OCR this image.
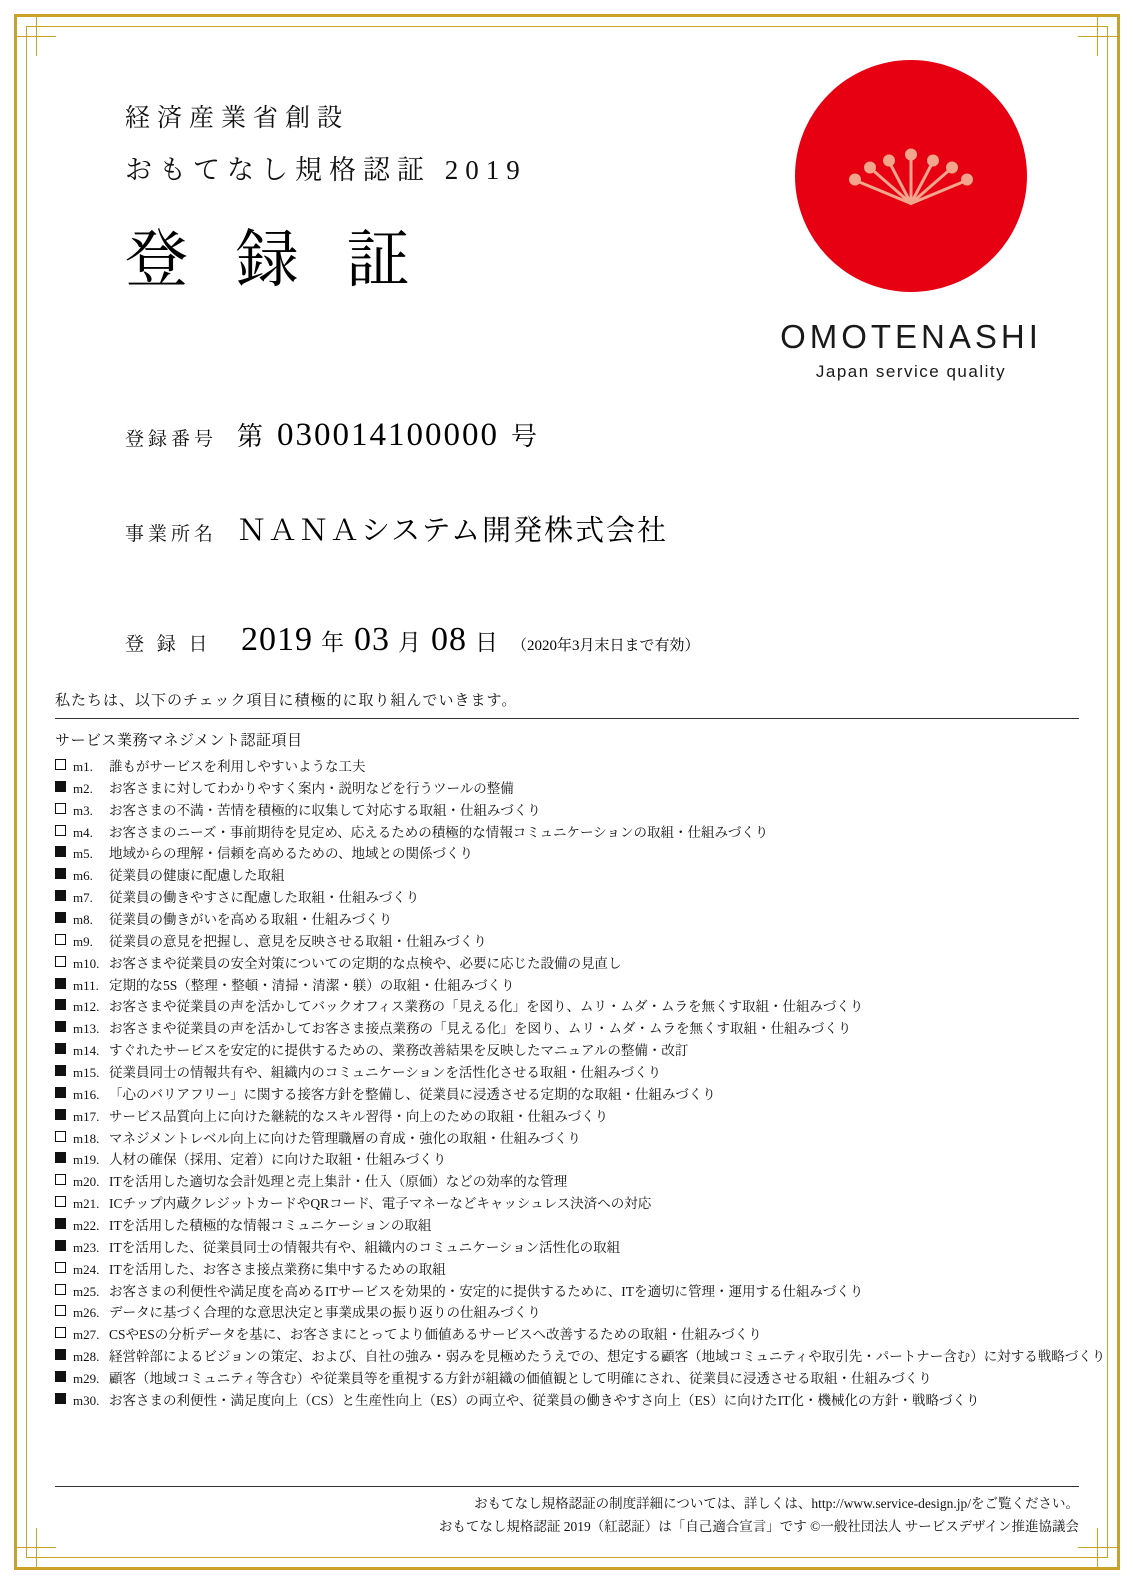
経済産業省創設
おもてなし規格認証 2019
登 録 証
OMOTENASHI
Japan service quality
登録番号 第 030014100000 号
事業所名 ＮＡＮＡシステム開発株式会社
登 録 日 2019 年 03 月 08 日 （2020年3月末日まで有効）
私たちは、以下のチェック項目に積極的に取り組んでいきます。
サービス業務マネジメント認証項目
m1.	誰もがサービスを利用しやすいような工夫
m2.	お客さまに対してわかりやすく案内・説明などを行うツールの整備
m3.	お客さまの不満・苦情を積極的に収集して対応する取組・仕組みづくり
m4.	お客さまのニーズ・事前期待を見定め、応えるための積極的な情報コミュニケーションの取組・仕組みづくり
m5.	地域からの理解・信頼を高めるための、地域との関係づくり
m6.	従業員の健康に配慮した取組
m7.	従業員の働きやすさに配慮した取組・仕組みづくり
m8.	従業員の働きがいを高める取組・仕組みづくり
m9.	従業員の意見を把握し、意見を反映させる取組・仕組みづくり
m10. お客さまや従業員の安全対策についての定期的な点検や、必要に応じた設備の見直し
m11. 定期的な5S（整理・整頓・清掃・清潔・躾）の取組・仕組みづくり
m12. お客さまや従業員の声を活かしてバックオフィス業務の「見える化」を図り、ムリ・ムダ・ムラを無くす取組・仕組みづくり
m13. お客さまや従業員の声を活かしてお客さま接点業務の「見える化」を図り、ムリ・ムダ・ムラを無くす取組・仕組みづくり
m14. すぐれたサービスを安定的に提供するための、業務改善結果を反映したマニュアルの整備・改訂
m15. 従業員同士の情報共有や、組織内のコミュニケーションを活性化させる取組・仕組みづくり
m16. 「心のバリアフリー」に関する接客方針を整備し、従業員に浸透させる定期的な取組・仕組みづくり
m17. サービス品質向上に向けた継続的なスキル習得・向上のための取組・仕組みづくり
m18. マネジメントレベル向上に向けた管理職層の育成・強化の取組・仕組みづくり
m19. 人材の確保（採用、定着）に向けた取組・仕組みづくり
m20. ITを活用した適切な会計処理と売上集計・仕入（原価）などの効率的な管理
m21. ICチップ内蔵クレジットカードやQRコード、電子マネーなどキャッシュレス決済への対応
m22. ITを活用した積極的な情報コミュニケーションの取組
m23. ITを活用した、従業員同士の情報共有や、組織内のコミュニケーション活性化の取組
m24. ITを活用した、お客さま接点業務に集中するための取組
m25. お客さまの利便性や満足度を高めるITサービスを効果的・安定的に提供するために、ITを適切に管理・運用する仕組みづくり
m26. データに基づく合理的な意思決定と事業成果の振り返りの仕組みづくり
m27. CSやESの分析データを基に、お客さまにとってより価値あるサービスへ改善するための取組・仕組みづくり
m28. 経営幹部によるビジョンの策定、および、自社の強み・弱みを見極めたうえでの、想定する顧客（地域コミュニティや取引先・パートナー含む）に対する戦略づくり
m29. 顧客（地域コミュニティ等含む）や従業員等を重視する方針が組織の価値観として明確にされ、従業員に浸透させる取組・仕組みづくり
m30. お客さまの利便性・満足度向上（CS）と生産性向上（ES）の両立や、従業員の働きやすさ向上（ES）に向けたIT化・機械化の方針・戦略づくり
おもてなし規格認証の制度詳細については、詳しくは、http://www.service-design.jp/をご覧ください。
おもてなし規格認証 2019（紅認証）は「自己適合宣言」です ©一般社団法人 サービスデザイン推進協議会
